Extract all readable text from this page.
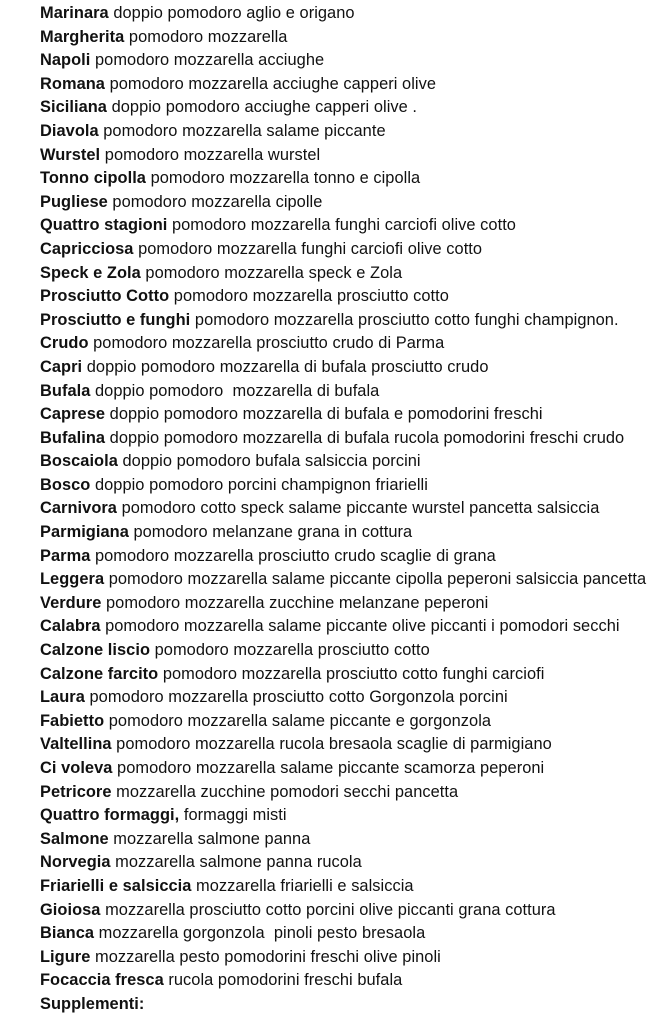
Marinara doppio pomodoro aglio e origano
Margherita pomodoro mozzarella
Napoli pomodoro mozzarella acciughe
Romana pomodoro mozzarella acciughe capperi olive
Siciliana doppio pomodoro acciughe capperi olive .
Diavola pomodoro mozzarella salame piccante
Wurstel pomodoro mozzarella wurstel
Tonno cipolla pomodoro mozzarella tonno e cipolla
Pugliese pomodoro mozzarella cipolle
Quattro stagioni pomodoro mozzarella funghi carciofi olive cotto
Capricciosa pomodoro mozzarella funghi carciofi olive cotto
Speck e Zola pomodoro mozzarella speck e Zola
Prosciutto Cotto pomodoro mozzarella prosciutto cotto
Prosciutto e funghi pomodoro mozzarella prosciutto cotto funghi champignon.
Crudo pomodoro mozzarella prosciutto crudo di Parma
Capri doppio pomodoro mozzarella di bufala prosciutto crudo
Bufala doppio pomodoro  mozzarella di bufala
Caprese doppio pomodoro mozzarella di bufala e pomodorini freschi
Bufalina doppio pomodoro mozzarella di bufala rucola pomodorini freschi crudo
Boscaiola doppio pomodoro bufala salsiccia porcini
Bosco doppio pomodoro porcini champignon friarielli
Carnivora pomodoro cotto speck salame piccante wurstel pancetta salsiccia
Parmigiana pomodoro melanzane grana in cottura
Parma pomodoro mozzarella prosciutto crudo scaglie di grana
Leggera pomodoro mozzarella salame piccante cipolla peperoni salsiccia pancetta
Verdure pomodoro mozzarella zucchine melanzane peperoni
Calabra pomodoro mozzarella salame piccante olive piccanti i pomodori secchi
Calzone liscio pomodoro mozzarella prosciutto cotto
Calzone farcito pomodoro mozzarella prosciutto cotto funghi carciofi
Laura pomodoro mozzarella prosciutto cotto Gorgonzola porcini
Fabietto pomodoro mozzarella salame piccante e gorgonzola
Valtellina pomodoro mozzarella rucola bresaola scaglie di parmigiano
Ci voleva pomodoro mozzarella salame piccante scamorza peperoni
Petricore mozzarella zucchine pomodori secchi pancetta
Quattro formaggi, formaggi misti
Salmone mozzarella salmone panna
Norvegia mozzarella salmone panna rucola
Friarielli e salsiccia mozzarella friarielli e salsiccia
Gioiosa mozzarella prosciutto cotto porcini olive piccanti grana cottura
Bianca mozzarella gorgonzola  pinoli pesto bresaola
Ligure mozzarella pesto pomodorini freschi olive pinoli
Focaccia fresca rucola pomodorini freschi bufala
Supplementi:
